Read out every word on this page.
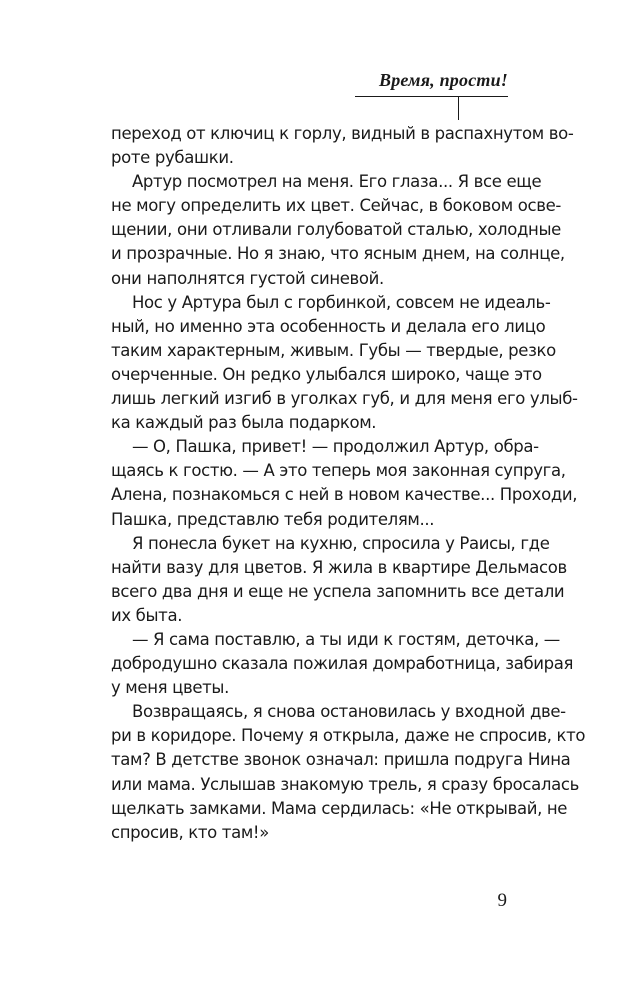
Время, прости!
переход от ключиц к горлу, видный в распахнутом во-
роте рубашки.
Артур посмотрел на меня. Его глаза... Я все еще
не могу определить их цвет. Сейчас, в боковом осве-
щении, они отливали голубоватой сталью, холодные
и прозрачные. Но я знаю, что ясным днем, на солнце,
они наполнятся густой синевой.
Нос у Артура был с горбинкой, совсем не идеаль-
ный, но именно эта особенность и делала его лицо
таким характерным, живым. Губы — твердые, резко
очерченные. Он редко улыбался широко, чаще это
лишь легкий изгиб в уголках губ, и для меня его улыб-
ка каждый раз была подарком.
— О, Пашка, привет! — продолжил Артур, обра-
щаясь к гостю. — А это теперь моя законная супруга,
Алена, познакомься с ней в новом качестве... Проходи,
Пашка, представлю тебя родителям...
Я понесла букет на кухню, спросила у Раисы, где
найти вазу для цветов. Я жила в квартире Дельмасов
всего два дня и еще не успела запомнить все детали
их быта.
— Я сама поставлю, а ты иди к гостям, деточка, —
добродушно сказала пожилая домработница, забирая
у меня цветы.
Возвращаясь, я снова остановилась у входной две-
ри в коридоре. Почему я открыла, даже не спросив, кто
там? В детстве звонок означал: пришла подруга Нина
или мама. Услышав знакомую трель, я сразу бросалась
щелкать замками. Мама сердилась: «Не открывай, не
спросив, кто там!»
9
